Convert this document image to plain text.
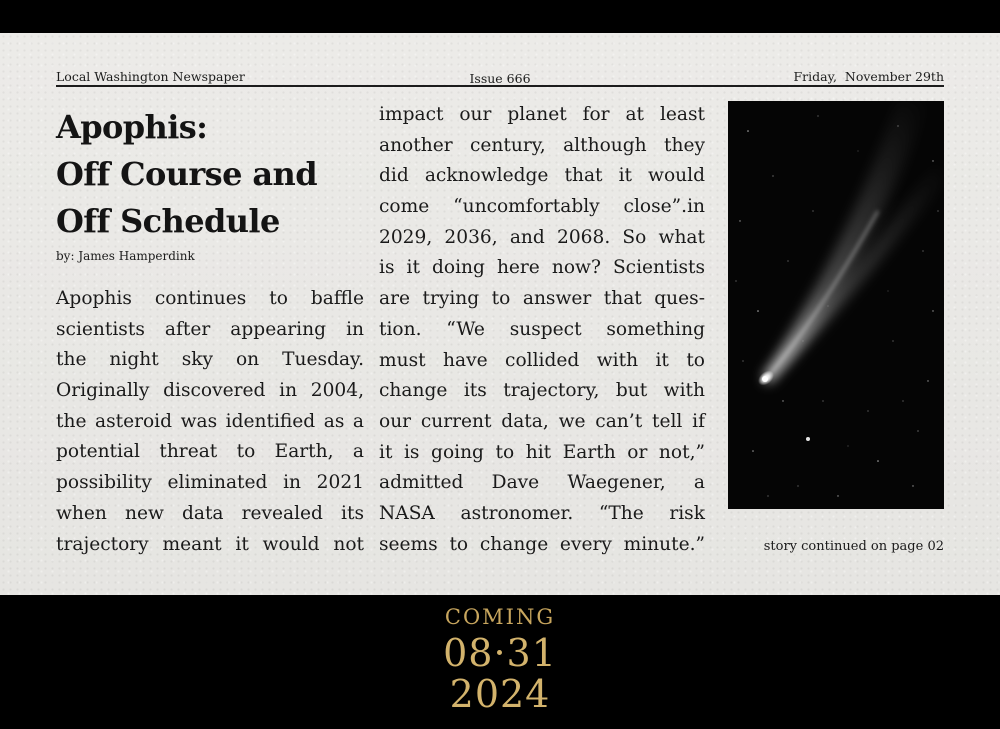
Local Washington Newspaper	Issue 666	Friday,  November 29th
Apophis:
Off Course and
Off Schedule
by: James Hamperdink
Apophis continues to baffle
scientists after appearing in
the night sky on Tuesday.
Originally discovered in 2004,
the asteroid was identified as a
potential threat to Earth, a
possibility eliminated in 2021
when new data revealed its
trajectory meant it would not
impact our planet for at least
another century, although they
did acknowledge that it would
come “uncomfortably close”.in
2029, 2036, and 2068. So what
is it doing here now? Scientists
are trying to answer that ques-
tion. “We suspect something
must have collided with it to
change its trajectory, but with
our current data, we can’t tell if
it is going to hit Earth or not,”
admitted Dave Waegener, a
NASA astronomer. “The risk
seems to change every minute.”	story continued on page 02
COMING
08·31
2024
